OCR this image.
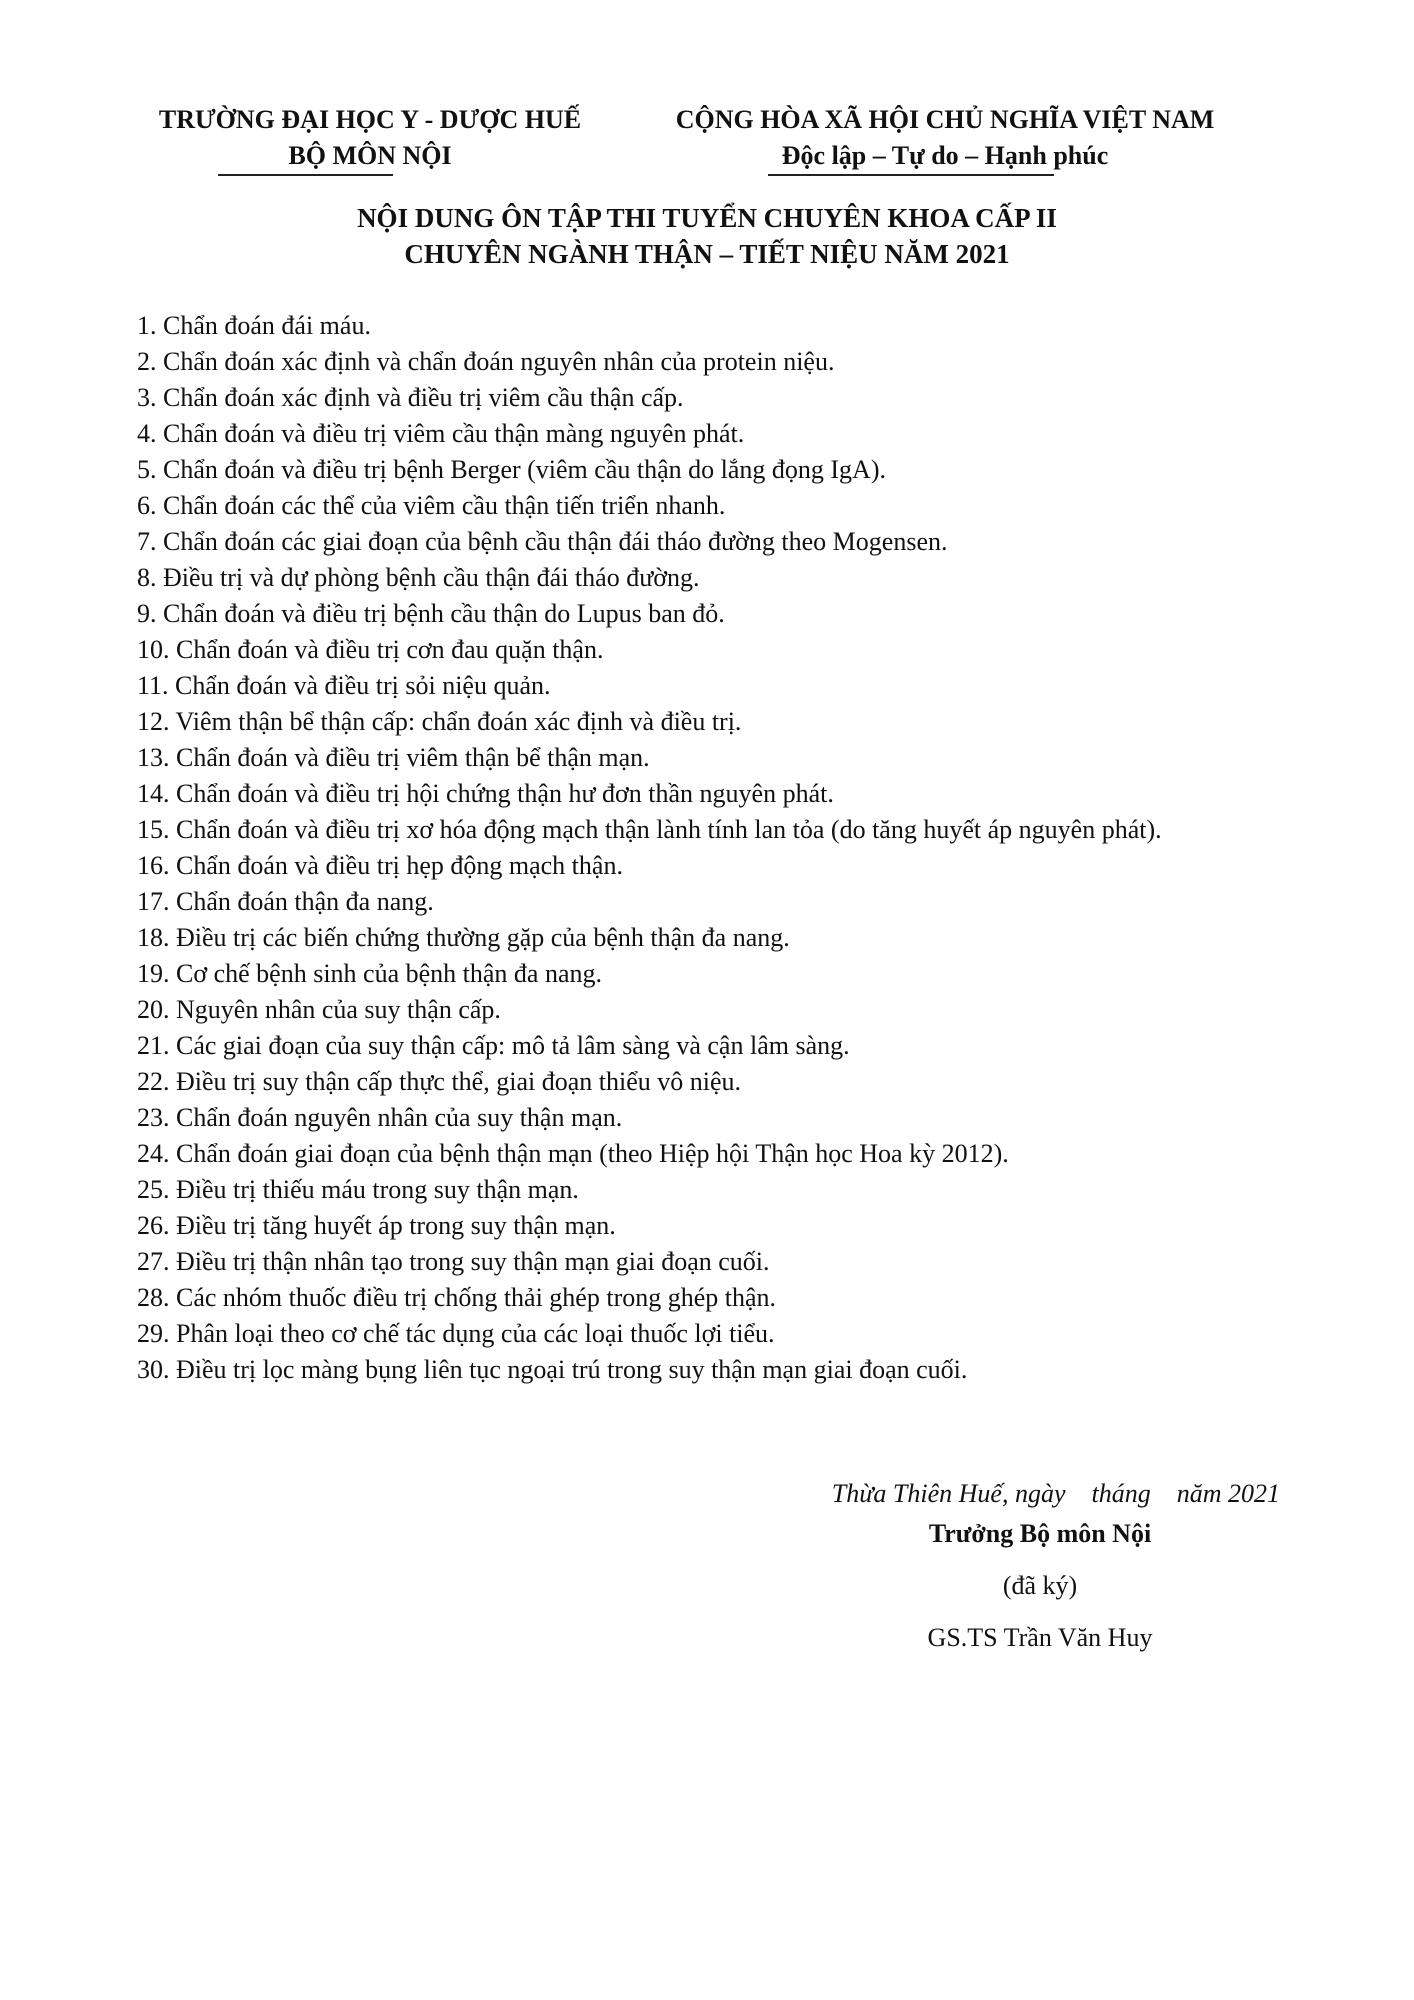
TRƯỜNG ĐẠI HỌC Y - DƯỢC HUẾ
BỘ MÔN NỘI
CỘNG HÒA XÃ HỘI CHỦ NGHĨA VIỆT NAM
Độc lập – Tự do – Hạnh phúc
NỘI DUNG ÔN TẬP THI TUYỂN CHUYÊN KHOA CẤP II
CHUYÊN NGÀNH THẬN – TIẾT NIỆU NĂM 2021
1. Chẩn đoán đái máu.
2. Chẩn đoán xác định và chẩn đoán nguyên nhân của protein niệu.
3. Chẩn đoán xác định và điều trị viêm cầu thận cấp.
4. Chẩn đoán và điều trị viêm cầu thận màng nguyên phát.
5. Chẩn đoán và điều trị bệnh Berger (viêm cầu thận do lắng đọng IgA).
6. Chẩn đoán các thể của viêm cầu thận tiến triển nhanh.
7. Chẩn đoán các giai đoạn của bệnh cầu thận đái tháo đường theo Mogensen.
8. Điều trị và dự phòng bệnh cầu thận đái tháo đường.
9. Chẩn đoán và điều trị bệnh cầu thận do Lupus ban đỏ.
10. Chẩn đoán và điều trị cơn đau quặn thận.
11. Chẩn đoán và điều trị sỏi niệu quản.
12. Viêm thận bể thận cấp: chẩn đoán xác định và điều trị.
13. Chẩn đoán và điều trị viêm thận bể thận mạn.
14. Chẩn đoán và điều trị hội chứng thận hư đơn thần nguyên phát.
15. Chẩn đoán và điều trị xơ hóa động mạch thận lành tính lan tỏa (do tăng huyết áp nguyên phát).
16. Chẩn đoán và điều trị hẹp động mạch thận.
17. Chẩn đoán thận đa nang.
18. Điều trị các biến chứng thường gặp của bệnh thận đa nang.
19. Cơ chế bệnh sinh của bệnh thận đa nang.
20. Nguyên nhân của suy thận cấp.
21. Các giai đoạn của suy thận cấp: mô tả lâm sàng và cận lâm sàng.
22. Điều trị suy thận cấp thực thể, giai đoạn thiểu vô niệu.
23. Chẩn đoán nguyên nhân của suy thận mạn.
24. Chẩn đoán giai đoạn của bệnh thận mạn (theo Hiệp hội Thận học Hoa kỳ 2012).
25. Điều trị thiếu máu trong suy thận mạn.
26. Điều trị tăng huyết áp trong suy thận mạn.
27. Điều trị thận nhân tạo trong suy thận mạn giai đoạn cuối.
28. Các nhóm thuốc điều trị chống thải ghép trong ghép thận.
29. Phân loại theo cơ chế tác dụng của các loại thuốc lợi tiểu.
30. Điều trị lọc màng bụng liên tục ngoại trú trong suy thận mạn giai đoạn cuối.
Thừa Thiên Huế, ngày    tháng    năm 2021
Trưởng Bộ môn Nội
(đã ký)
GS.TS Trần Văn Huy
